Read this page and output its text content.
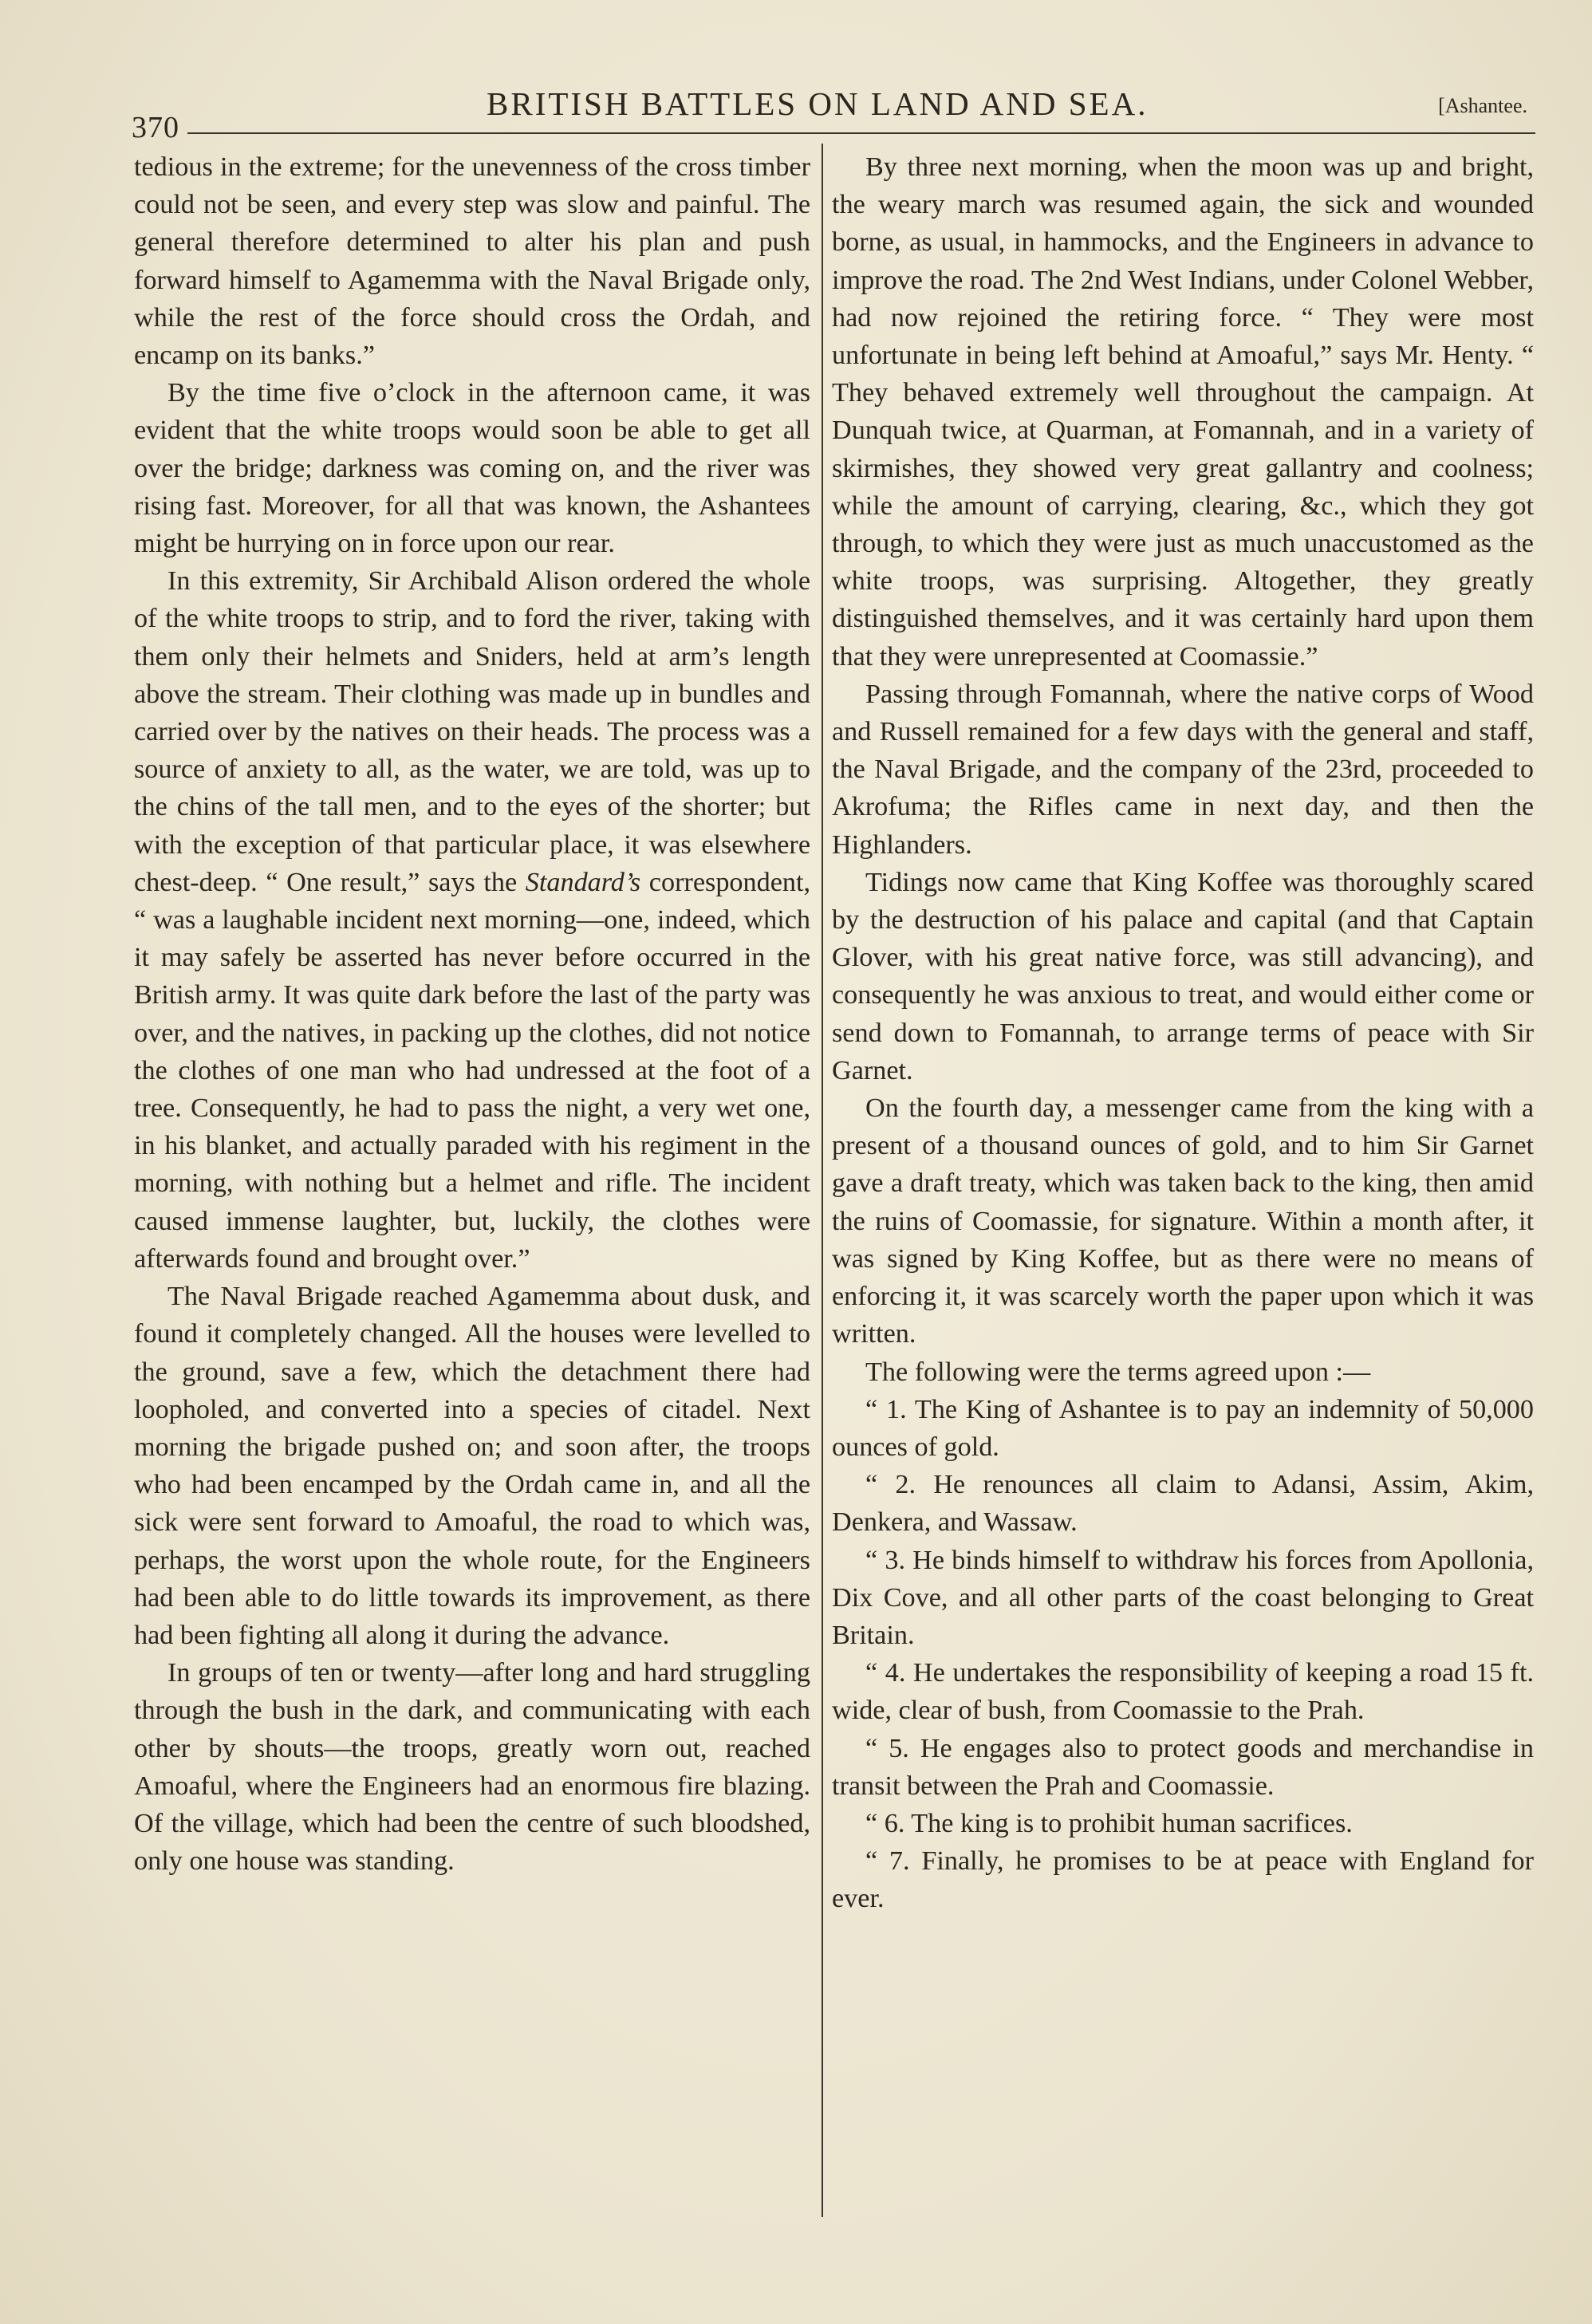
370
BRITISH BATTLES ON LAND AND SEA.	[Ashantee.

tedious in the extreme; for the unevenness of the cross timber could not be seen, and every step was slow and painful. The general therefore determined to alter his plan and push forward himself to Agamemma with the Naval Brigade only, while the rest of the force should cross the Ordah, and encamp on its banks.”

By the time five o’clock in the afternoon came, it was evident that the white troops would soon be able to get all over the bridge; darkness was coming on, and the river was rising fast. Moreover, for all that was known, the Ashantees might be hurrying on in force upon our rear.

In this extremity, Sir Archibald Alison ordered the whole of the white troops to strip, and to ford the river, taking with them only their helmets and Sniders, held at arm’s length above the stream. Their clothing was made up in bundles and carried over by the natives on their heads. The process was a source of anxiety to all, as the water, we are told, was up to the chins of the tall men, and to the eyes of the shorter; but with the exception of that particular place, it was elsewhere chest-deep. “ One result,” says the Standard’s correspondent, “ was a laughable incident next morning—one, indeed, which it may safely be asserted has never before occurred in the British army. It was quite dark before the last of the party was over, and the natives, in packing up the clothes, did not notice the clothes of one man who had undressed at the foot of a tree. Consequently, he had to pass the night, a very wet one, in his blanket, and actually paraded with his regiment in the morning, with nothing but a helmet and rifle. The incident caused immense laughter, but, luckily, the clothes were afterwards found and brought over.”

The Naval Brigade reached Agamemma about dusk, and found it completely changed. All the houses were levelled to the ground, save a few, which the detachment there had loopholed, and converted into a species of citadel. Next morning the brigade pushed on; and soon after, the troops who had been encamped by the Ordah came in, and all the sick were sent forward to Amoaful, the road to which was, perhaps, the worst upon the whole route, for the Engineers had been able to do little towards its improvement, as there had been fighting all along it during the advance.

In groups of ten or twenty—after long and hard struggling through the bush in the dark, and communicating with each other by shouts—the troops, greatly worn out, reached Amoaful, where the Engineers had an enormous fire blazing. Of the village, which had been the centre of such bloodshed, only one house was standing.

By three next morning, when the moon was up and bright, the weary march was resumed again, the sick and wounded borne, as usual, in hammocks, and the Engineers in advance to improve the road. The 2nd West Indians, under Colonel Webber, had now rejoined the retiring force. “ They were most unfortunate in being left behind at Amoaful,” says Mr. Henty. “ They behaved extremely well throughout the campaign. At Dunquah twice, at Quarman, at Fomannah, and in a variety of skirmishes, they showed very great gallantry and coolness; while the amount of carrying, clearing, &c., which they got through, to which they were just as much unaccustomed as the white troops, was surprising. Altogether, they greatly distinguished themselves, and it was certainly hard upon them that they were unrepresented at Coomassie.”

Passing through Fomannah, where the native corps of Wood and Russell remained for a few days with the general and staff, the Naval Brigade, and the company of the 23rd, proceeded to Akrofuma; the Rifles came in next day, and then the Highlanders.

Tidings now came that King Koffee was thoroughly scared by the destruction of his palace and capital (and that Captain Glover, with his great native force, was still advancing), and consequently he was anxious to treat, and would either come or send down to Fomannah, to arrange terms of peace with Sir Garnet.

On the fourth day, a messenger came from the king with a present of a thousand ounces of gold, and to him Sir Garnet gave a draft treaty, which was taken back to the king, then amid the ruins of Coomassie, for signature. Within a month after, it was signed by King Koffee, but as there were no means of enforcing it, it was scarcely worth the paper upon which it was written.

The following were the terms agreed upon :—

“ 1. The King of Ashantee is to pay an indemnity of 50,000 ounces of gold.

“ 2. He renounces all claim to Adansi, Assim, Akim, Denkera, and Wassaw.

“ 3. He binds himself to withdraw his forces from Apollonia, Dix Cove, and all other parts of the coast belonging to Great Britain.

“ 4. He undertakes the responsibility of keeping a road 15 ft. wide, clear of bush, from Coomassie to the Prah.

“ 5. He engages also to protect goods and merchandise in transit between the Prah and Coomassie.

“ 6. The king is to prohibit human sacrifices.

“ 7. Finally, he promises to be at peace with England for ever.
